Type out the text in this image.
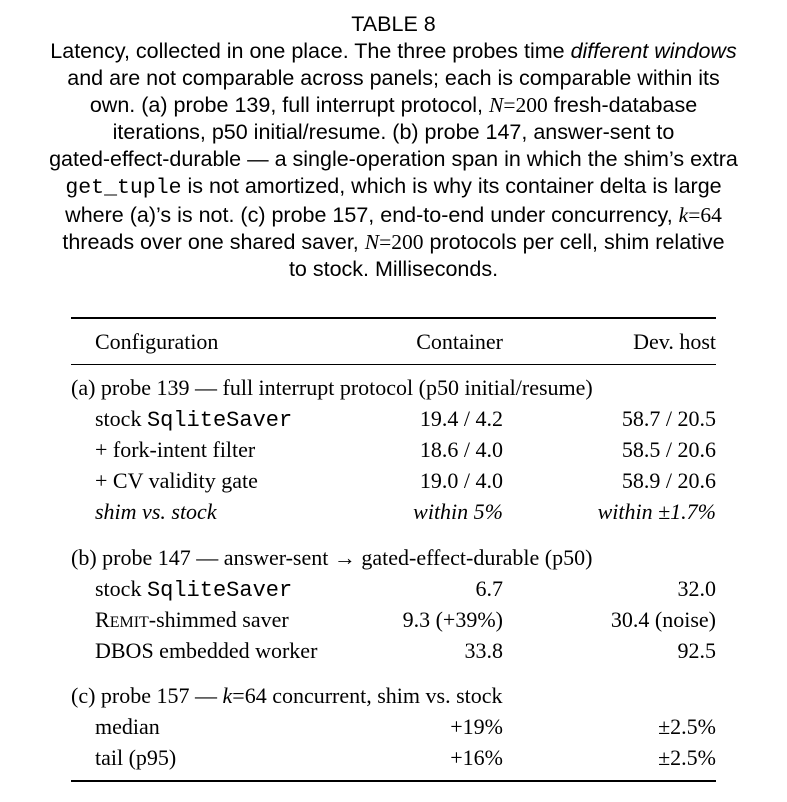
TABLE 8
Latency, collected in one place. The three probes time different windows
and are not comparable across panels; each is comparable within its
own. (a) probe 139, full interrupt protocol, N=200 fresh-database
iterations, p50 initial/resume. (b) probe 147, answer-sent to
gated-effect-durable — a single-operation span in which the shim’s extra
get_tuple is not amortized, which is why its container delta is large
where (a)’s is not. (c) probe 157, end-to-end under concurrency, k=64
threads over one shared saver, N=200 protocols per cell, shim relative
to stock. Milliseconds.
Configuration	Container	Dev. host
(a) probe 139 — full interrupt protocol (p50 initial/resume)
stock SqliteSaver	19.4 / 4.2	58.7 / 20.5
+ fork-intent filter	18.6 / 4.0	58.5 / 20.6
+ CV validity gate	19.0 / 4.0	58.9 / 20.6
shim vs. stock	within 5%	within ±1.7%
(b) probe 147 — answer-sent → gated-effect-durable (p50)
stock SqliteSaver	6.7	32.0
REMIT-shimmed saver	9.3 (+39%)	30.4 (noise)
DBOS embedded worker	33.8	92.5
(c) probe 157 — k=64 concurrent, shim vs. stock
median	+19%	±2.5%
tail (p95)	+16%	±2.5%
